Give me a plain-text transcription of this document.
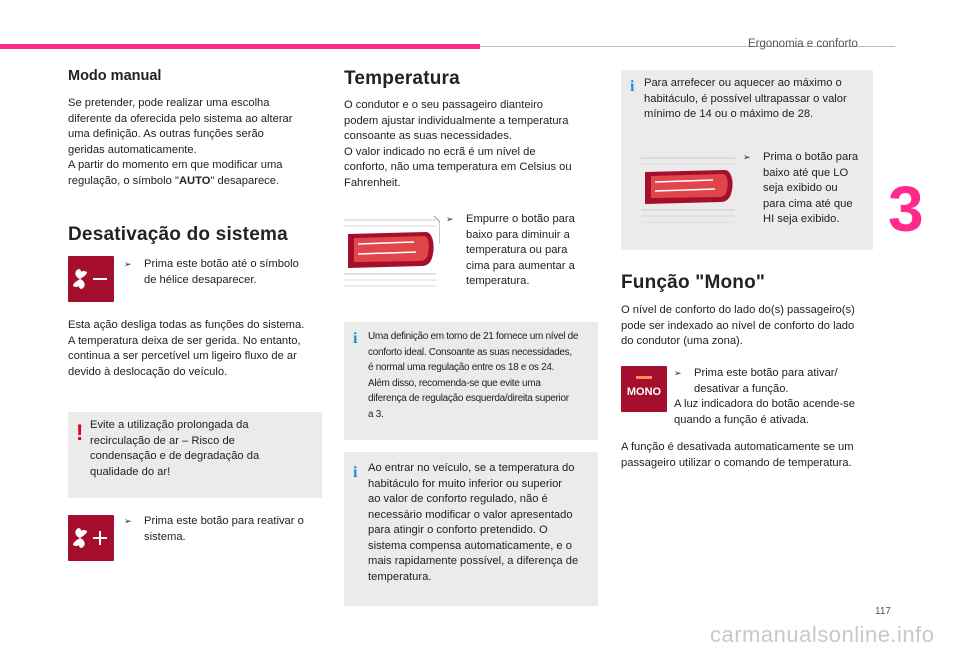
Ergonomia e conforto
3
Modo manual
Se pretender, pode realizar uma escolha
diferente da oferecida pelo sistema ao alterar
uma definição. As outras funções serão
geridas automaticamente.
A partir do momento em que modificar uma
regulação, o símbolo "AUTO" desaparece.
Desativação do sistema
➢ Prima este botão até o símbolo
de hélice desaparecer.
Esta ação desliga todas as funções do sistema.
A temperatura deixa de ser gerida. No entanto,
continua a ser percetível um ligeiro fluxo de ar
devido à deslocação do veículo.
! Evite a utilização prolongada da
recirculação de ar – Risco de
condensação e de degradação da
qualidade do ar!
➢ Prima este botão para reativar o
sistema.
Temperatura
O condutor e o seu passageiro dianteiro
podem ajustar individualmente a temperatura
consoante as suas necessidades.
O valor indicado no ecrã é um nível de
conforto, não uma temperatura em Celsius ou
Fahrenheit.
➢ Empurre o botão para
baixo para diminuir a
temperatura ou para
cima para aumentar a
temperatura.
i Uma definição em torno de 21 fornece um nível de
conforto ideal. Consoante as suas necessidades,
é normal uma regulação entre os 18 e os 24.
Além disso, recomenda-se que evite uma
diferença de regulação esquerda/direita superior
a 3.
i Ao entrar no veículo, se a temperatura do
habitáculo for muito inferior ou superior
ao valor de conforto regulado, não é
necessário modificar o valor apresentado
para atingir o conforto pretendido. O
sistema compensa automaticamente, e o
mais rapidamente possível, a diferença de
temperatura.
i Para arrefecer ou aquecer ao máximo o
habitáculo, é possível ultrapassar o valor
mínimo de 14 ou o máximo de 28.
➢ Prima o botão para
baixo até que LO
seja exibido ou
para cima até que
HI seja exibido.
Função "Mono"
O nível de conforto do lado do(s) passageiro(s)
pode ser indexado ao nível de conforto do lado
do condutor (uma zona).
MONO
➢ Prima este botão para ativar/
desativar a função.
A luz indicadora do botão acende-se
quando a função é ativada.
A função é desativada automaticamente se um
passageiro utilizar o comando de temperatura.
117
carmanualsonline.info
